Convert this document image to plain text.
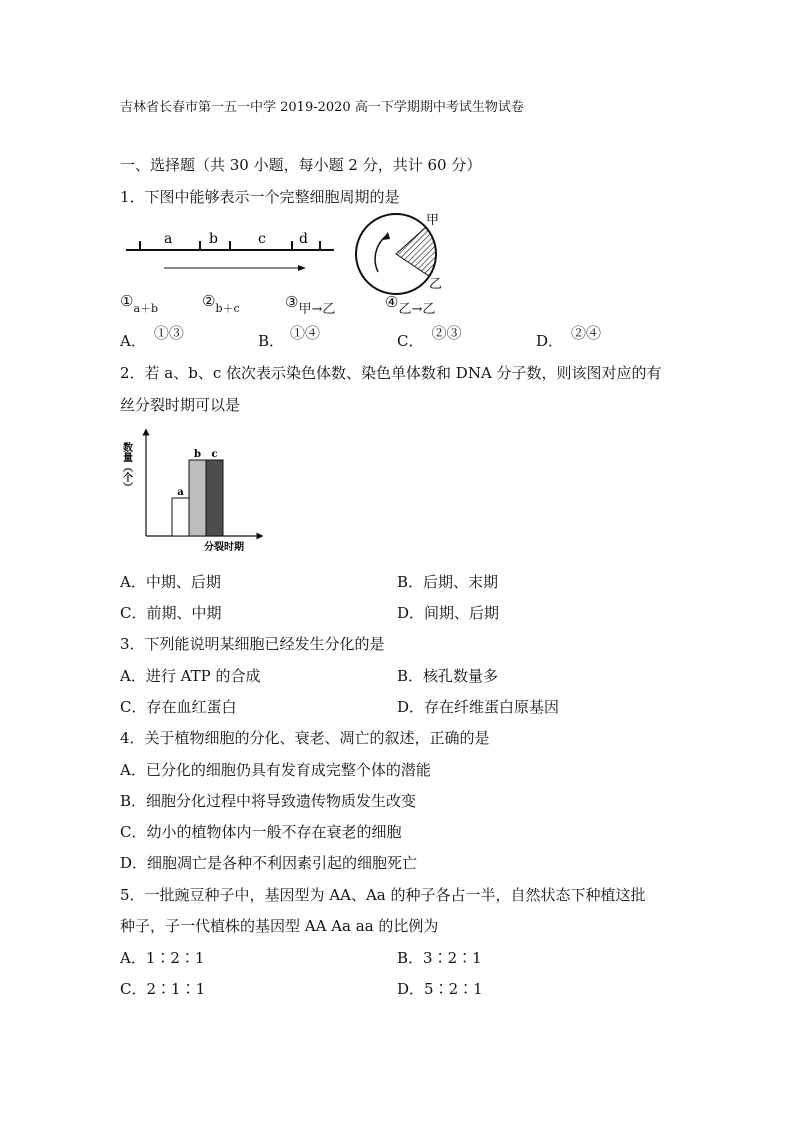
吉林省长春市第一五一中学 2019-2020 高一下学期期中考试生物试卷
一、选择题（共 30 小题，每小题 2 分，共计 60 分）
1．下图中能够表示一个完整细胞周期的是
a	b	c d
甲
乙
$①_{a+b}$	$②_{b+c}$	③甲→乙	④乙→乙
A． ①③	B． ①④	C． ②③	D． ②④
2．若 a、b、c 依次表示染色体数、染色单体数和 DNA 分子数，则该图对应的有
丝分裂时期可以是
数量（个）
分裂时期
a
b c
A．中期、后期	B．后期、末期
C．前期、中期	D．间期、后期
3．下列能说明某细胞已经发生分化的是
A．进行 ATP 的合成	B．核孔数量多
C．存在血红蛋白	D．存在纤维蛋白原基因
4．关于植物细胞的分化、衰老、凋亡的叙述，正确的是
A．已分化的细胞仍具有发育成完整个体的潜能
B．细胞分化过程中将导致遗传物质发生改变
C．幼小的植物体内一般不存在衰老的细胞
D．细胞凋亡是各种不利因素引起的细胞死亡
5．一批豌豆种子中，基因型为 AA、Aa 的种子各占一半，自然状态下种植这批
种子，子一代植株的基因型 AA Aa aa 的比例为
A．1∶2∶1	B．3∶2∶1
C．2∶1∶1	D．5∶2∶1
